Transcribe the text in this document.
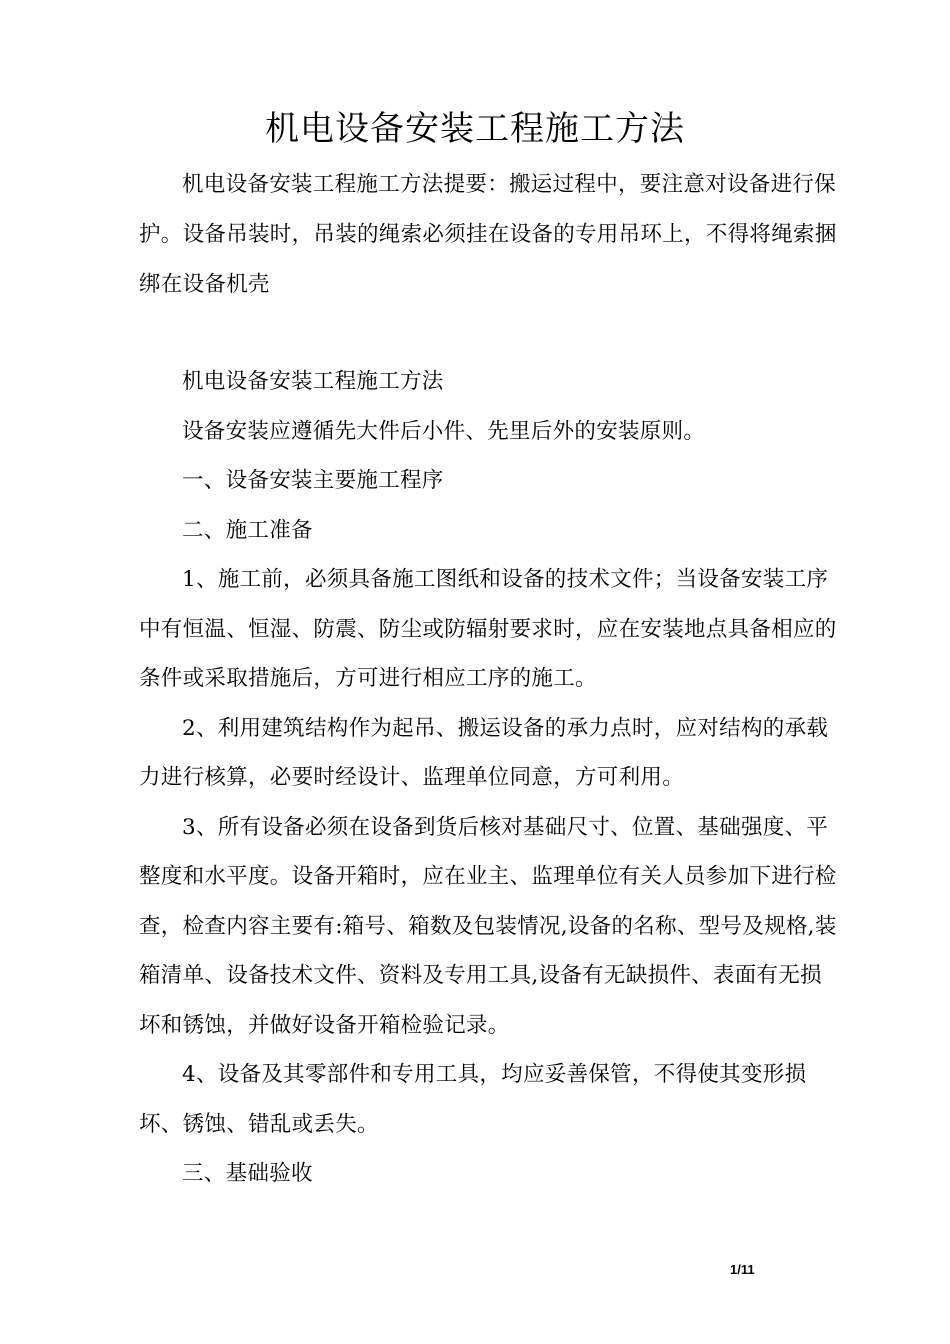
机电设备安装工程施工方法

机电设备安装工程施工方法提要：搬运过程中，要注意对设备进行保护。设备吊装时，吊装的绳索必须挂在设备的专用吊环上，不得将绳索捆绑在设备机壳

机电设备安装工程施工方法

设备安装应遵循先大件后小件、先里后外的安装原则。

一、设备安装主要施工程序

二、施工准备

1、施工前，必须具备施工图纸和设备的技术文件；当设备安装工序中有恒温、恒湿、防震、防尘或防辐射要求时，应在安装地点具备相应的条件或采取措施后，方可进行相应工序的施工。

2、利用建筑结构作为起吊、搬运设备的承力点时，应对结构的承载力进行核算，必要时经设计、监理单位同意，方可利用。

3、所有设备必须在设备到货后核对基础尺寸、位置、基础强度、平整度和水平度。设备开箱时，应在业主、监理单位有关人员参加下进行检查，检查内容主要有:箱号、箱数及包装情况,设备的名称、型号及规格,装箱清单、设备技术文件、资料及专用工具,设备有无缺损件、表面有无损坏和锈蚀，并做好设备开箱检验记录。

4、设备及其零部件和专用工具，均应妥善保管，不得使其变形损坏、锈蚀、错乱或丢失。

三、基础验收

1/11
